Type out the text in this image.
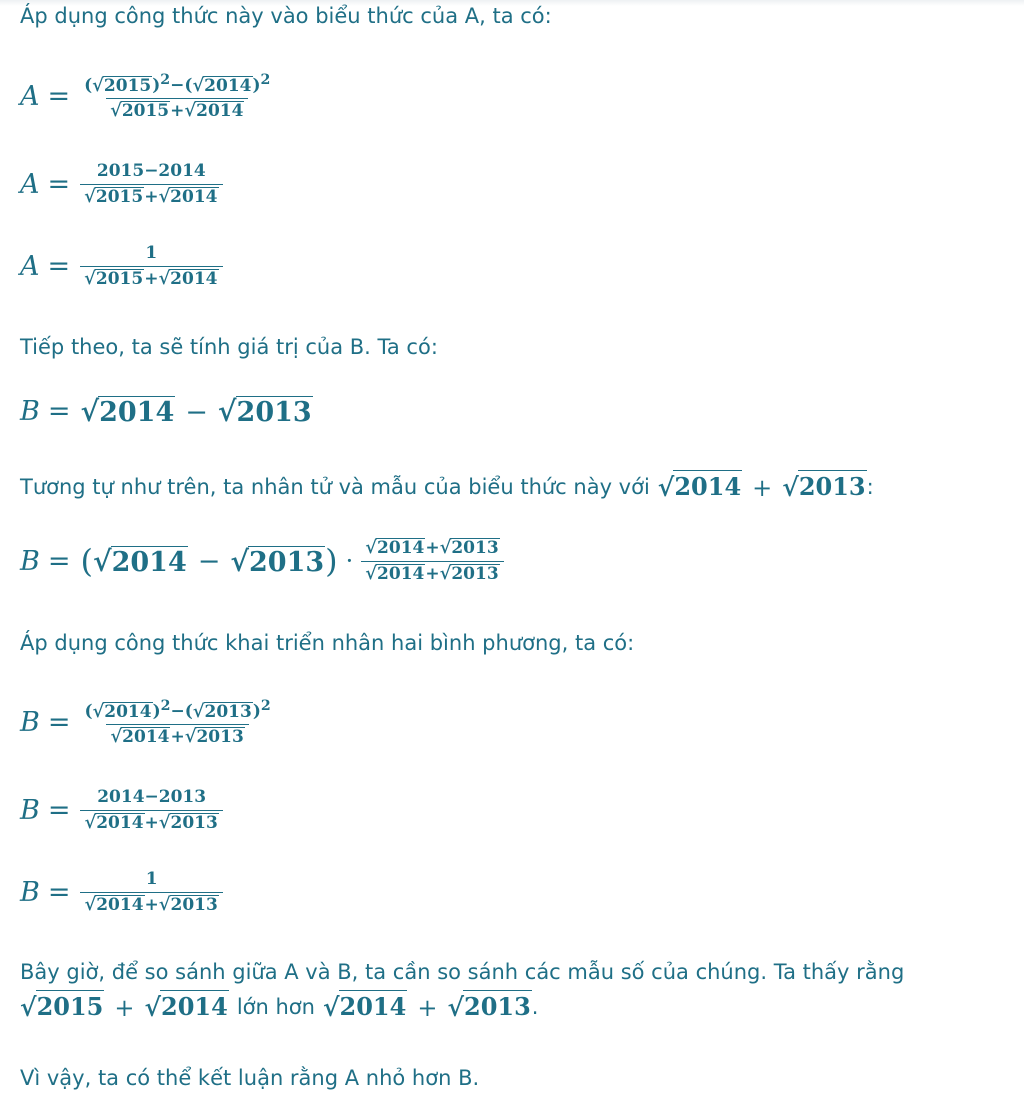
Áp dụng công thức này vào biểu thức của A, ta có:
$A = \frac{( √ 2015 )^2-( √ 2014 )^2}{√ 2015 + √ 2014}$
$A = \frac{2015-2014}{√ 2015 + √ 2014}$
$A = \frac{1}{√ 2015 + √ 2014}$
Tiếp theo, ta sẽ tính giá trị của B. Ta có:
B = √ 2014 − √ 2013
Tương tự như trên, ta nhân tử và mẫu của biểu thức này với √ 2014 + √ 2013 :
B = ( √ 2014 − √ 2013 ) · $\frac{√ 2014 + √ 2013}{√ 2014 + √ 2013}$
Áp dụng công thức khai triển nhân hai bình phương, ta có:
$B = \frac{( √ 2014 )^2-( √ 2013 )^2}{√ 2014 + √ 2013}$
$B = \frac{2014-2013}{√ 2014 + √ 2013}$
$B = \frac{1}{√ 2014 + √ 2013}$
Bây giờ, để so sánh giữa A và B, ta cần so sánh các mẫu số của chúng. Ta thấy rằng
√ 2015 + √ 2014 lớn hơn √ 2014 + √ 2013 .
Vì vậy, ta có thể kết luận rằng A nhỏ hơn B.
